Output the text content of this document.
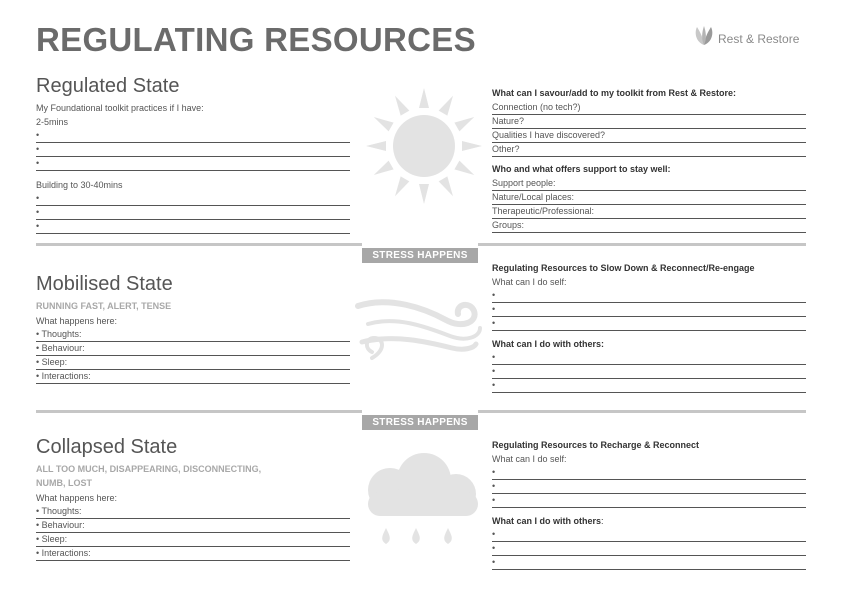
REGULATING RESOURCES	Rest & Restore
Regulated State
My Foundational toolkit practices if I have:
2-5mins
•
•
•
Building to 30-40mins
•
•
•
What can I savour/add to my toolkit from Rest & Restore:
Connection (no tech?)
Nature?
Qualities I have discovered?
Other?
Who and what offers support to stay well:
Support people:
Nature/Local places:
Therapeutic/Professional:
Groups:
STRESS HAPPENS
Mobilised State
RUNNING FAST, ALERT, TENSE
What happens here:
• Thoughts:
• Behaviour:
• Sleep:
• Interactions:
Regulating Resources to Slow Down & Reconnect/Re-engage
What can I do self:
•
•
•
What can I do with others:
•
•
•
STRESS HAPPENS
Collapsed State
ALL TOO MUCH, DISAPPEARING, DISCONNECTING,
NUMB, LOST
What happens here:
• Thoughts:
• Behaviour:
• Sleep:
• Interactions:
Regulating Resources to Recharge & Reconnect
What can I do self:
•
•
•
What can I do with others:
•
•
•
